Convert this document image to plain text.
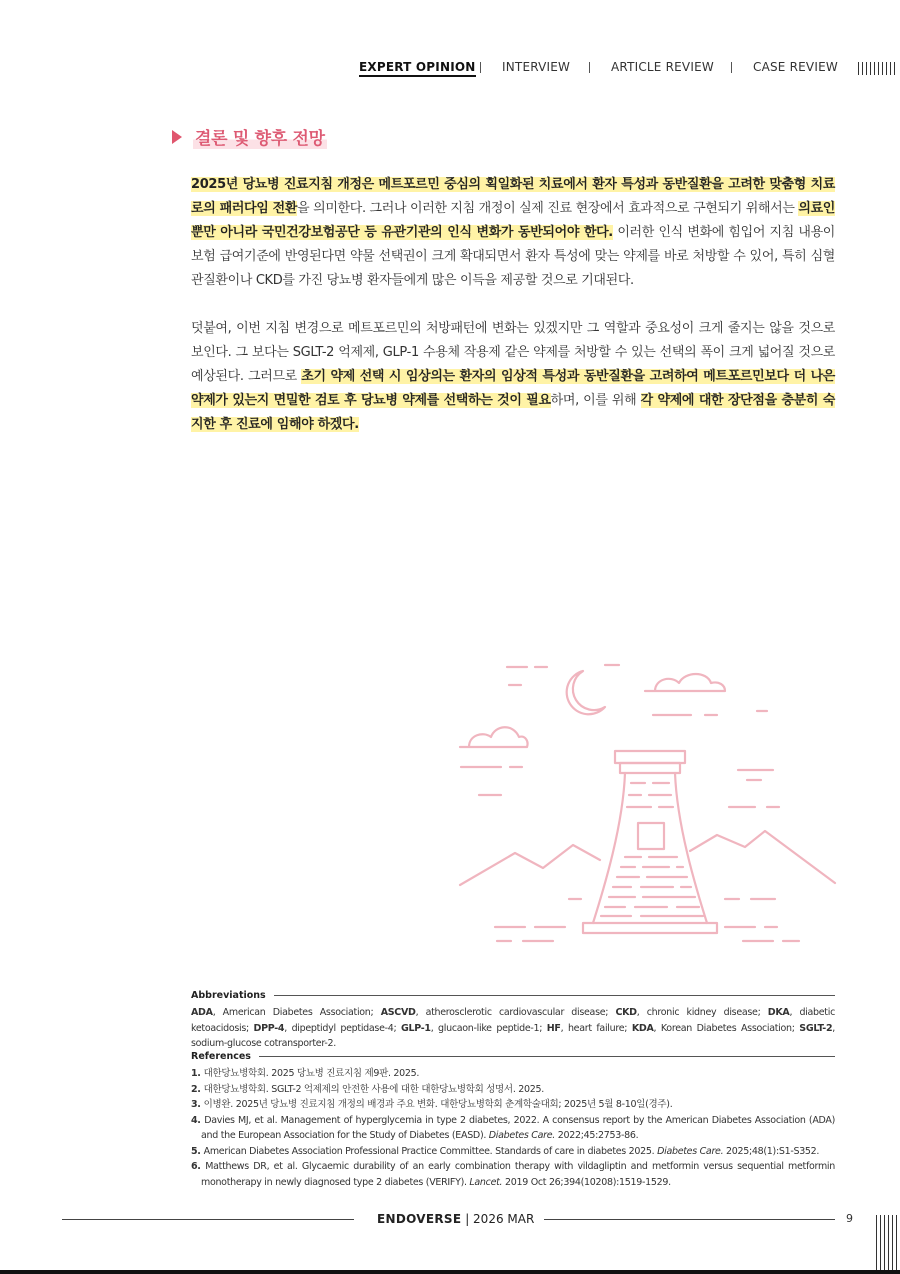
EXPERT OPINION INTERVIEW	ARTICLE REVIEW	CASE REVIEW
결론 및 향후 전망
2025년 당뇨병 진료지침 개정은 메트포르민 중심의 획일화된 치료에서 환자 특성과 동반질환을 고려한 맞춤형 치료로의 패러다임 전환을 의미한다. 그러나 이러한 지침 개정이 실제 진료 현장에서 효과적으로 구현되기 위해서는 의료인뿐만 아니라 국민건강보험공단 등 유관기관의 인식 변화가 동반되어야 한다. 이러한 인식 변화에 힘입어 지침 내용이 보험 급여기준에 반영된다면 약물 선택권이 크게 확대되면서 환자 특성에 맞는 약제를 바로 처방할 수 있어, 특히 심혈관질환이나 CKD를 가진 당뇨병 환자들에게 많은 이득을 제공할 것으로 기대된다.
덧붙여, 이번 지침 변경으로 메트포르민의 처방패턴에 변화는 있겠지만 그 역할과 중요성이 크게 줄지는 않을 것으로 보인다. 그 보다는 SGLT-2 억제제, GLP-1 수용체 작용제 같은 약제를 처방할 수 있는 선택의 폭이 크게 넓어질 것으로 예상된다. 그러므로 초기 약제 선택 시 임상의는 환자의 임상적 특성과 동반질환을 고려하여 메트포르민보다 더 나은 약제가 있는지 면밀한 검토 후 당뇨병 약제를 선택하는 것이 필요하며, 이를 위해 각 약제에 대한 장단점을 충분히 숙지한 후 진료에 임해야 하겠다.
Abbreviations
ADA, American Diabetes Association; ASCVD, atherosclerotic cardiovascular disease; CKD, chronic kidney disease; DKA, diabetic ketoacidosis; DPP-4, dipeptidyl peptidase-4; GLP-1, glucaon-like peptide-1; HF, heart failure; KDA, Korean Diabetes Association; SGLT-2, sodium-glucose cotransporter-2.
References
1. 대한당뇨병학회. 2025 당뇨병 진료지침 제9판. 2025.
2. 대한당뇨병학회. SGLT-2 억제제의 안전한 사용에 대한 대한당뇨병학회 성명서. 2025.
3. 이병완. 2025년 당뇨병 진료지침 개정의 배경과 주요 변화. 대한당뇨병학회 춘계학술대회; 2025년 5월 8-10일(경주).
4. Davies MJ, et al. Management of hyperglycemia in type 2 diabetes, 2022. A consensus report by the American Diabetes Association (ADA) and the European Association for the Study of Diabetes (EASD). Diabetes Care. 2022;45:2753-86.
5. American Diabetes Association Professional Practice Committee. Standards of care in diabetes 2025. Diabetes Care. 2025;48(1):S1-S352.
6. Matthews DR, et al. Glycaemic durability of an early combination therapy with vildagliptin and metformin versus sequential metformin monotherapy in newly diagnosed type 2 diabetes (VERIFY). Lancet. 2019 Oct 26;394(10208):1519-1529.
ENDOVERSE | 2026 MAR	9
